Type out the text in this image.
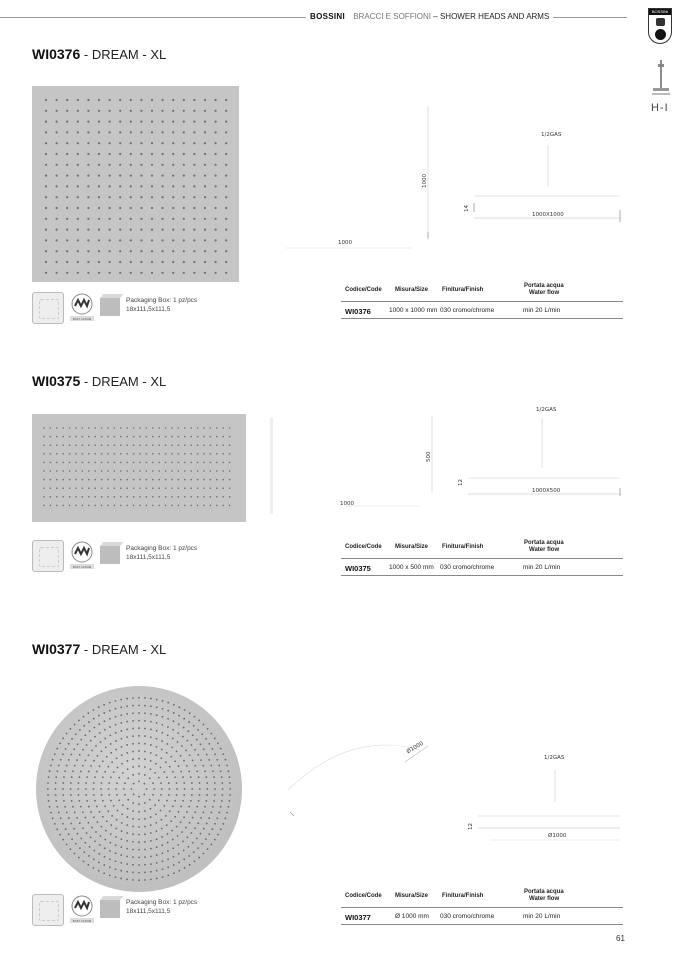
BOSSINI BRACCI E SOFFIONI – SHOWER HEADS AND ARMS
BOSSINI
H-I
WI0376 - DREAM - XL
EASY CLEAN
Packaging Box: 1 pz/pcs
18x111,5x111,5
1/2GAS
1000
1000
14
1000X1000
Codice/Code Misura/Size Finitura/Finish
Portata acqua
Water flow
WI0376	1000 x 1000 mm 030 cromo/chrome	min 20 L/min
WI0375 - DREAM - XL
EASY CLEAN
Packaging Box: 1 pz/pcs
18x111,5x111,5
1/2GAS
500
1000
12
1000X500
Codice/Code Misura/Size Finitura/Finish
Portata acqua
Water flow
WI0375	1000 x 500 mm 030 cromo/chrome	min 20 L/min
WI0377 - DREAM - XL
EASY CLEAN
Packaging Box: 1 pz/pcs
18x111,5x111,5
1/2GAS
Ø1000
12
Ø1000
Codice/Code Misura/Size Finitura/Finish
Portata acqua
Water flow
WI0377	Ø 1000 mm 030 cromo/chrome	min 20 L/min
61
